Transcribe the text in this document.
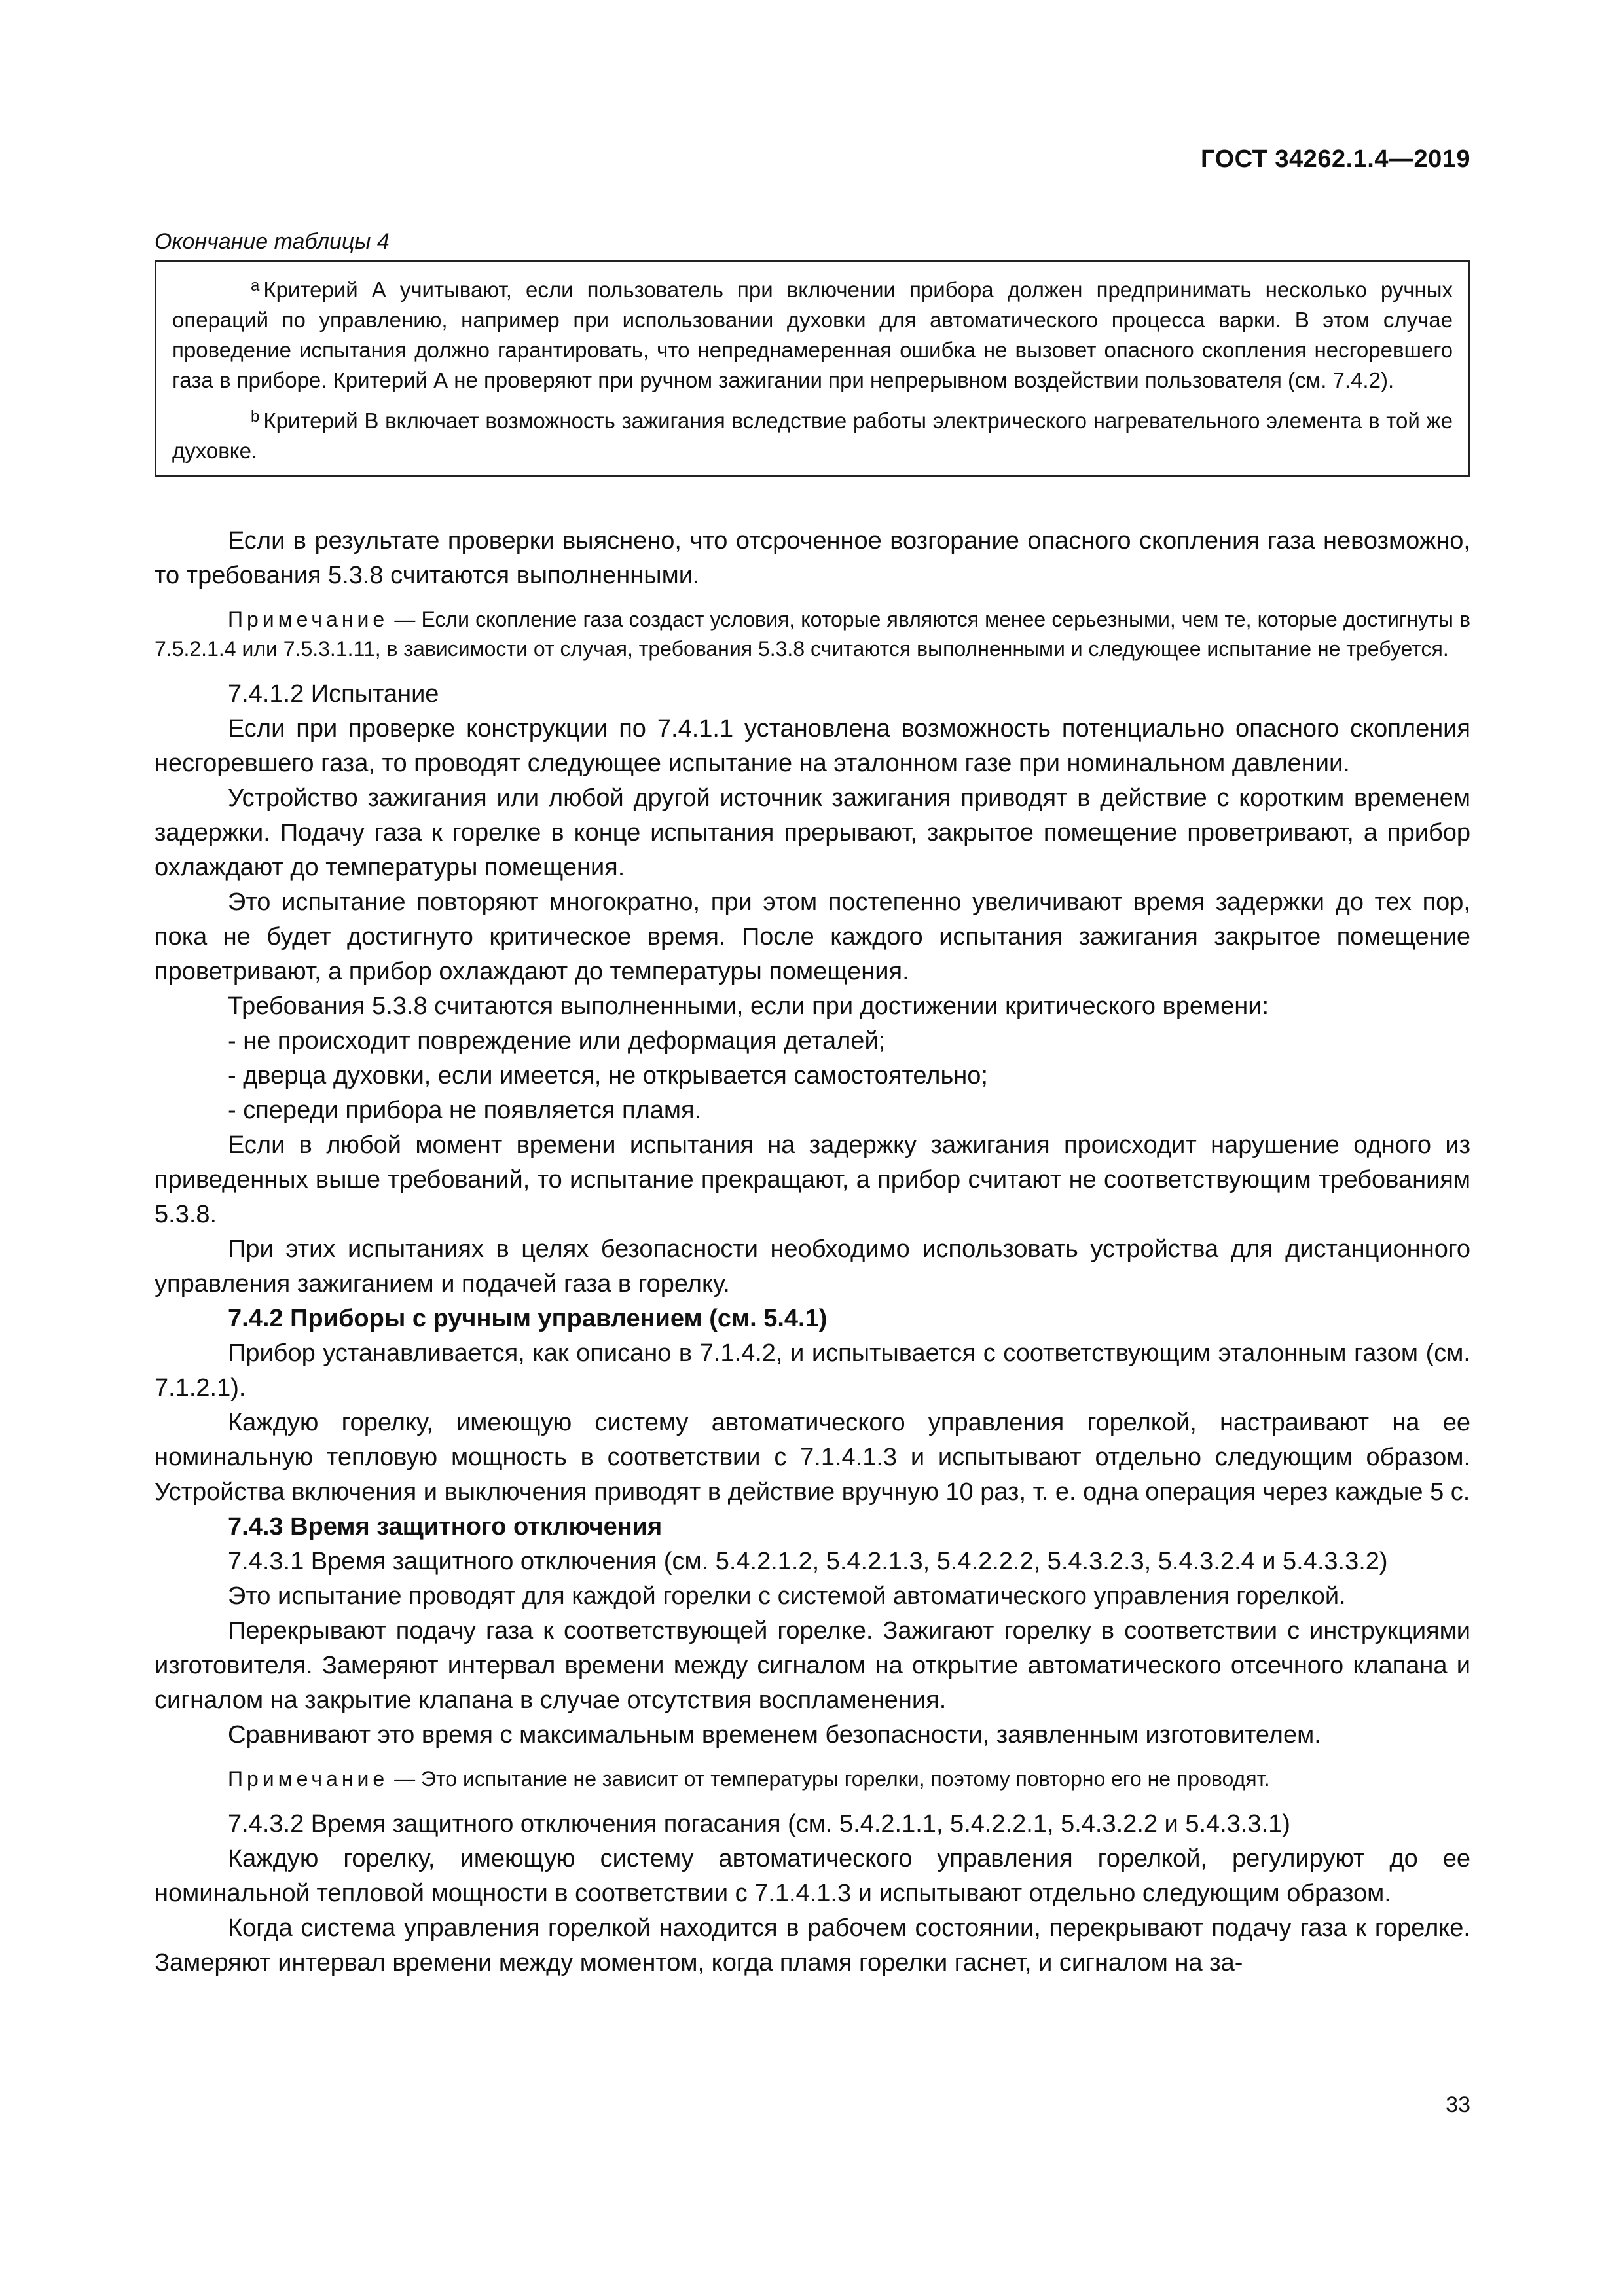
ГОСТ 34262.1.4—2019
Окончание таблицы 4

$^a$ Критерий А учитывают, если пользователь при включении прибора должен предпринимать несколько ручных операций по управлению, например при использовании духовки для автоматического процесса варки. В этом случае проведение испытания должно гарантировать, что непреднамеренная ошибка не вызовет опасного скопления несгоревшего газа в приборе. Критерий А не проверяют при ручном зажигании при непрерывном воздействии пользователя (см. 7.4.2).

$^b$ Критерий В включает возможность зажигания вследствие работы электрического нагревательного элемента в той же духовке.

Если в результате проверки выяснено, что отсроченное возгорание опасного скопления газа невозможно, то требования 5.3.8 считаются выполненными.

Примечание — Если скопление газа создаст условия, которые являются менее серьезными, чем те, которые достигнуты в 7.5.2.1.4 или 7.5.3.1.11, в зависимости от случая, требования 5.3.8 считаются выполненными и следующее испытание не требуется.

7.4.1.2 Испытание

Если при проверке конструкции по 7.4.1.1 установлена возможность потенциально опасного скопления несгоревшего газа, то проводят следующее испытание на эталонном газе при номинальном давлении.

Устройство зажигания или любой другой источник зажигания приводят в действие с коротким временем задержки. Подачу газа к горелке в конце испытания прерывают, закрытое помещение проветривают, а прибор охлаждают до температуры помещения.

Это испытание повторяют многократно, при этом постепенно увеличивают время задержки до тех пор, пока не будет достигнуто критическое время. После каждого испытания зажигания закрытое помещение проветривают, а прибор охлаждают до температуры помещения.

Требования 5.3.8 считаются выполненными, если при достижении критического времени:

- не происходит повреждение или деформация деталей;
- дверца духовки, если имеется, не открывается самостоятельно;
- спереди прибора не появляется пламя.

Если в любой момент времени испытания на задержку зажигания происходит нарушение одного из приведенных выше требований, то испытание прекращают, а прибор считают не соответствующим требованиям 5.3.8.

При этих испытаниях в целях безопасности необходимо использовать устройства для дистанционного управления зажиганием и подачей газа в горелку.

7.4.2 Приборы с ручным управлением (см. 5.4.1)

Прибор устанавливается, как описано в 7.1.4.2, и испытывается с соответствующим эталонным газом (см. 7.1.2.1).

Каждую горелку, имеющую систему автоматического управления горелкой, настраивают на ее номинальную тепловую мощность в соответствии с 7.1.4.1.3 и испытывают отдельно следующим образом. Устройства включения и выключения приводят в действие вручную 10 раз, т. е. одна операция через каждые 5 с.

7.4.3 Время защитного отключения

7.4.3.1 Время защитного отключения (см. 5.4.2.1.2, 5.4.2.1.3, 5.4.2.2.2, 5.4.3.2.3, 5.4.3.2.4 и 5.4.3.3.2)

Это испытание проводят для каждой горелки с системой автоматического управления горелкой.

Перекрывают подачу газа к соответствующей горелке. Зажигают горелку в соответствии с инструкциями изготовителя. Замеряют интервал времени между сигналом на открытие автоматического отсечного клапана и сигналом на закрытие клапана в случае отсутствия воспламенения.

Сравнивают это время с максимальным временем безопасности, заявленным изготовителем.

Примечание — Это испытание не зависит от температуры горелки, поэтому повторно его не проводят.

7.4.3.2 Время защитного отключения погасания (см. 5.4.2.1.1, 5.4.2.2.1, 5.4.3.2.2 и 5.4.3.3.1)

Каждую горелку, имеющую систему автоматического управления горелкой, регулируют до ее номинальной тепловой мощности в соответствии с 7.1.4.1.3 и испытывают отдельно следующим образом.

Когда система управления горелкой находится в рабочем состоянии, перекрывают подачу газа к горелке. Замеряют интервал времени между моментом, когда пламя горелки гаснет, и сигналом на за-

33
